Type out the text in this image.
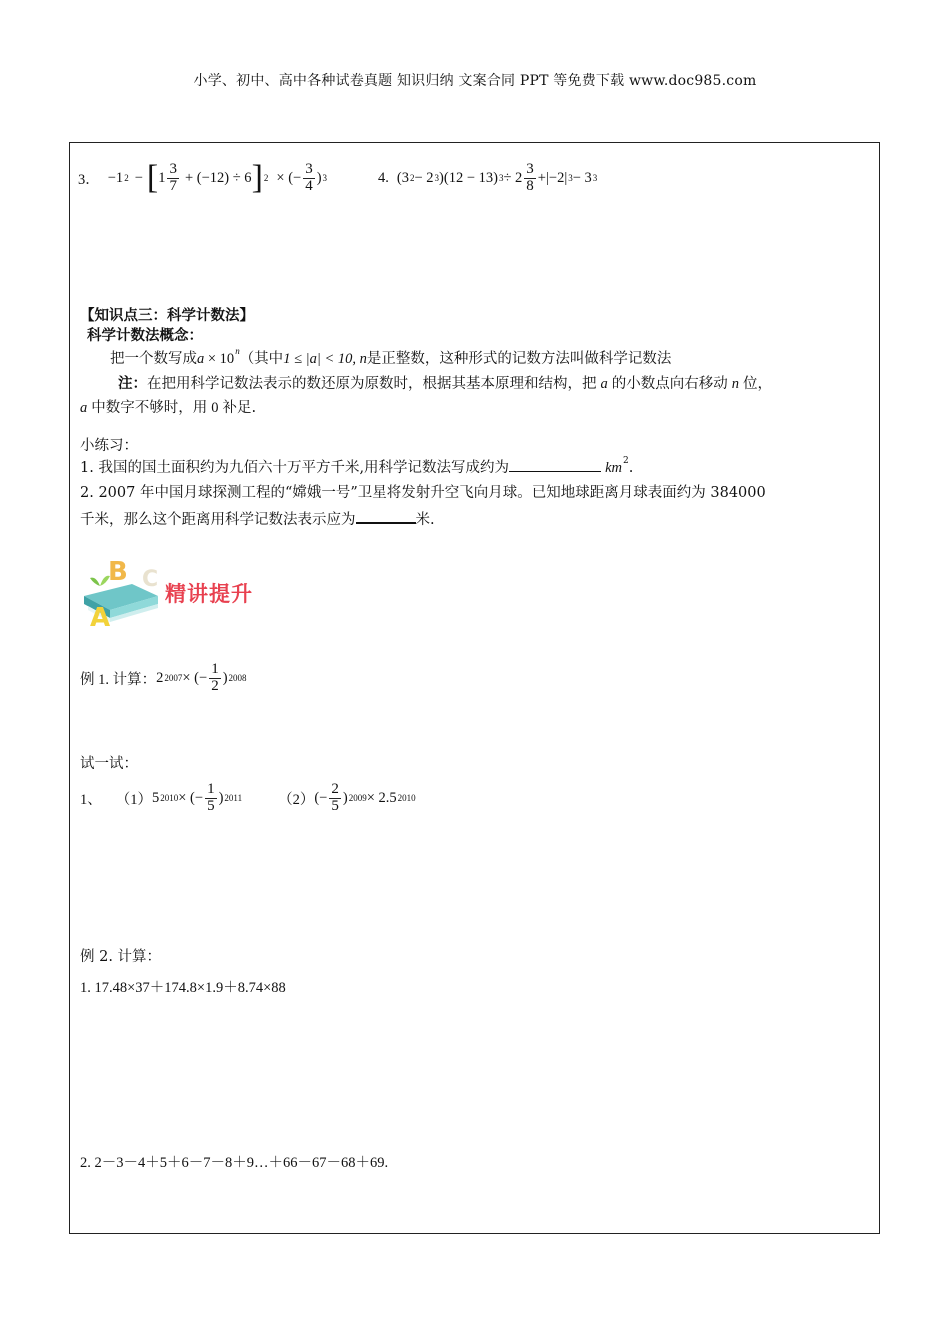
小学、初中、高中各种试卷真题 知识归纳 文案合同 PPT 等免费下载 www.doc985.com
3． −1 2 − [ $1 \frac{3}{7} + (-12) \div 6$ ] 2 × (− $\frac{3}{4}$ ) 3	4. (3 2 − 2 3 )(12 − 13) $3 \div 2 \frac{3}{8} + |-2|$ 3 − 3 3
【知识点三：科学计数法】
科学计数法概念：
把一个数写成$a \times 10^n$（其中1 ≤ |a| < 10, n是正整数，这种形式的记数方法叫做科学记数法
注：在把用科学记数法表示的数还原为原数时，根据其基本原理和结构，把 a 的小数点向右移动 n 位，
a 中数字不够时，用 0 补足.
小练习：
1. 我国的国土面积约为九佰六十万平方千米,用科学记数法写成约为	$km^2$.
2. 2007 年中国月球探测工程的“嫦娥一号”卫星将发射升空飞向月球。已知地球距离月球表面约为 384000
千米，那么这个距离用科学记数法表示应为	米.
A
B C
精讲提升
例 1. 计算： 2 2007 × (− $\frac{1}{2}$ ) 2008
试一试：
1、 （1） 5 2010 × (− $\frac{1}{5}$ ) 2011 （2） (− $\frac{2}{5}$ ) 2009 × 2.5 2010
例 2. 计算：
1. 17.48×37＋174.8×1.9＋8.74×88
2. 2－3－4＋5＋6－7－8＋9…＋66－67－68＋69.
